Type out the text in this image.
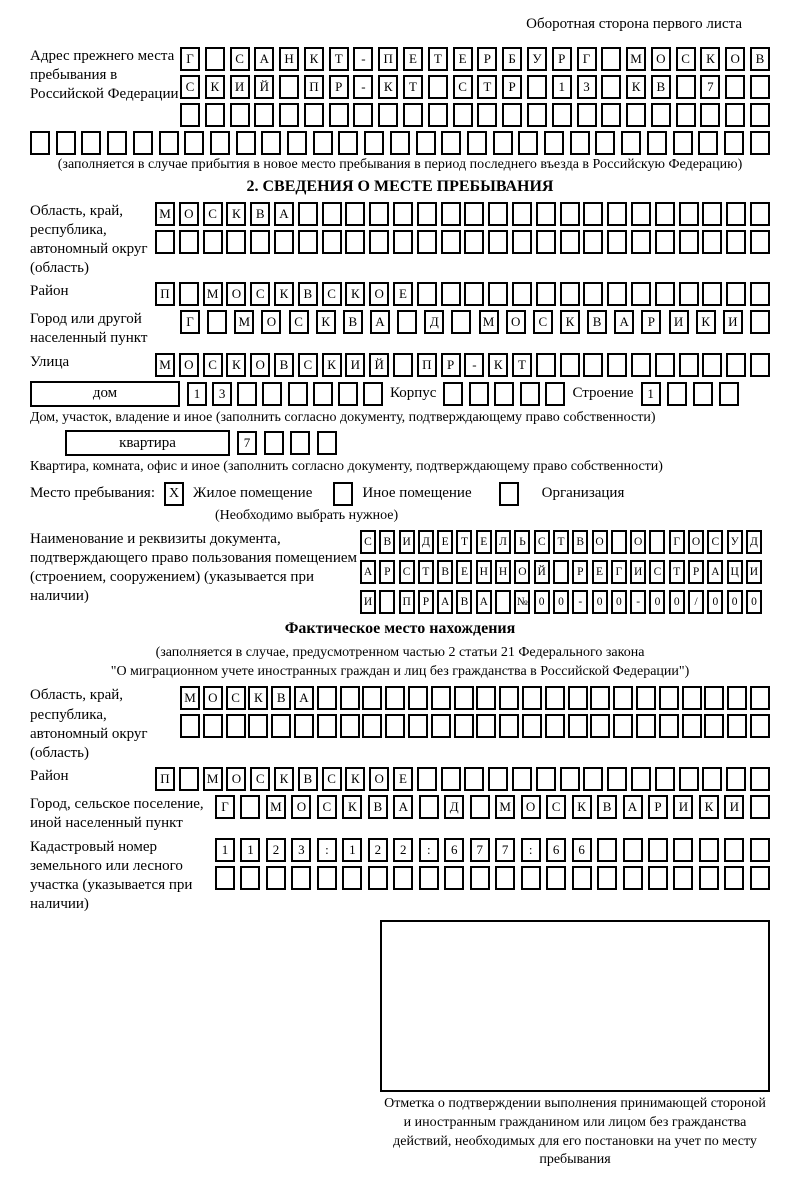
Оборотная сторона первого листа
Адрес прежнего места пребывания в Российской Федерации
Г	С	А	Н	К	Т	-	П	Е	Т	Е	Р	Б	У	Р	Г	М	О	С	К	О	В
С	К	И	Й	П	Р	-	К	Т	С	Т	Р	1	3	К	В	7
(заполняется в случае прибытия в новое место пребывания в период последнего въезда в Российскую Федерацию)
2. СВЕДЕНИЯ О МЕСТЕ ПРЕБЫВАНИЯ
Область, край, республика, автономный округ (область)
М	О	С	К	В	А
Район	П	М	О	С	К	В	С	К	О	Е
Город или другой населенный пункт
Г	М	О	С	К	В	А	Д	М	О	С	К	В	А	Р	И	К	И
Улица	М	О	С	К	О	В	С	К	И	Й	П	Р	-	К	Т
дом	1	3	Корпус	Строение	1
Дом, участок, владение и иное (заполнить согласно документу, подтверждающему право собственности)
квартира	7
Квартира, комната, офис и иное (заполнить согласно документу, подтверждающему право собственности)
Место пребывания: X Жилое помещение	Иное помещение	Организация
(Необходимо выбрать нужное)
Наименование и реквизиты документа, подтверждающего право пользования помещением (строением, сооружением) (указывается при наличии)
С	В И Д	Е	Т	Е	Л	Ь	С	Т	В О	О	Г	О С У Д
А	Р	С	Т	В	Е	Н Н О Й	Р	Е	Г	И С	Т	Р	А Ц И
И	П	Р	А В А	№ 0	0	-	0	0	-	0	0	/	0	0	0
Фактическое место нахождения
(заполняется в случае, предусмотренном частью 2 статьи 21 Федерального закона
"О миграционном учете иностранных граждан и лиц без гражданства в Российской Федерации")
Область, край, республика, автономный округ (область)
М О	С	К	В	А
Район	П	М	О	С	К	В	С	К	О	Е
Город, сельское поселение, иной населенный пункт
Г	М	О	С	К	В	А	Д	М	О	С	К	В	А	Р	И	К	И
Кадастровый номер земельного или лесного участка (указывается при наличии)
1	1	2	3	:	1	2	2	:	6	7	7	:	6	6
Отметка о подтверждении выполнения принимающей стороной и иностранным гражданином или лицом без гражданства действий, необходимых для его постановки на учет по месту пребывания
